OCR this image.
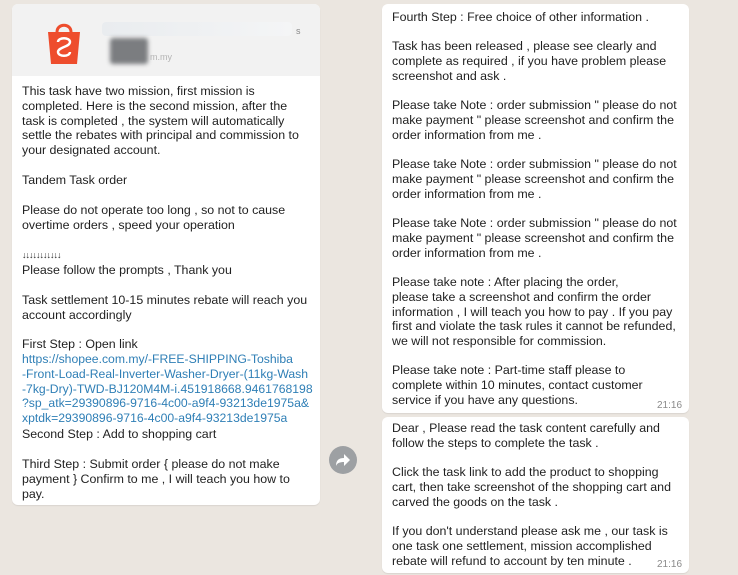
m.my
s

This task have two mission, first mission is
completed. Here is the second mission, after the
task is completed , the system will automatically
settle the rebates with principal and commission to
your designated account.

Tandem Task order

Please do not operate too long , so not to cause
overtime orders , speed your operation

↓↓↓↓↓↓↓↓↓↓↓

Please follow the prompts , Thank you

Task settlement 10-15 minutes rebate will reach you
account accordingly

First Step : Open link

https://shopee.com.my/-FREE-SHIPPING-Toshiba
-Front-Load-Real-Inverter-Washer-Dryer-(11kg-Wash
-7kg-Dry)-TWD-BJ120M4M-i.451918668.9461768198
?sp_atk=29390896-9716-4c00-a9f4-93213de1975a&
xptdk=29390896-9716-4c00-a9f4-93213de1975a

Second Step : Add to shopping cart

Third Step : Submit order { please do not make
payment } Confirm to me , I will teach you how to
pay.

Fourth Step : Free choice of other information .

Task has been released , please see clearly and
complete as required , if you have problem please
screenshot and ask .

Please take Note : order submission " please do not
make payment " please screenshot and confirm the
order information from me .

Please take Note : order submission " please do not
make payment " please screenshot and confirm the
order information from me .

Please take Note : order submission " please do not
make payment " please screenshot and confirm the
order information from me .

Please take note : After placing the order,
please take a screenshot and confirm the order
information , I will teach you how to pay . If you pay
first and violate the task rules it cannot be refunded,
we will not responsible for commission.

Please take note : Part-time staff please to
complete within 10 minutes, contact customer
service if you have any questions.	21:16

Dear , Please read the task content carefully and
follow the steps to complete the task .

Click the task link to add the product to shopping
cart, then take screenshot of the shopping cart and
carved the goods on the task .

If you don't understand please ask me , our task is
one task one settlement, mission accomplished
rebate will refund to account by ten minute .	21:16
